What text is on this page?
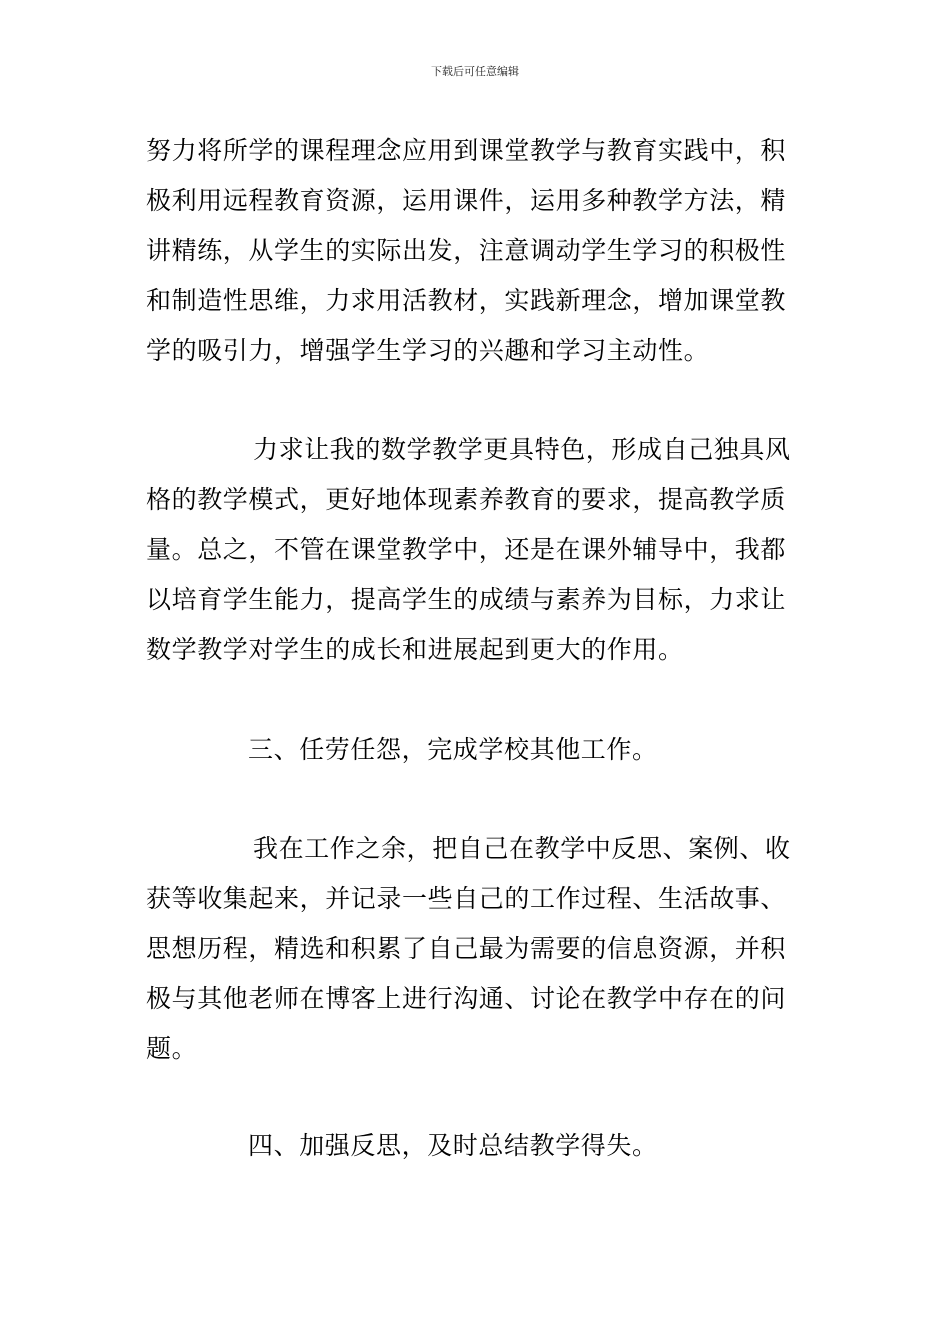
下载后可任意编辑
努力将所学的课程理念应用到课堂教学与教育实践中，积
极利用远程教育资源，运用课件，运用多种教学方法，精
讲精练，从学生的实际出发，注意调动学生学习的积极性
和制造性思维，力求用活教材，实践新理念，增加课堂教
学的吸引力，增强学生学习的兴趣和学习主动性。
力求让我的数学教学更具特色，形成自己独具风
格的教学模式，更好地体现素养教育的要求，提高教学质
量。总之，不管在课堂教学中，还是在课外辅导中，我都
以培育学生能力，提高学生的成绩与素养为目标，力求让
数学教学对学生的成长和进展起到更大的作用。
三、任劳任怨，完成学校其他工作。
我在工作之余，把自己在教学中反思、案例、收
获等收集起来，并记录一些自己的工作过程、生活故事、
思想历程，精选和积累了自己最为需要的信息资源，并积
极与其他老师在博客上进行沟通、讨论在教学中存在的问
题。
四、加强反思，及时总结教学得失。
